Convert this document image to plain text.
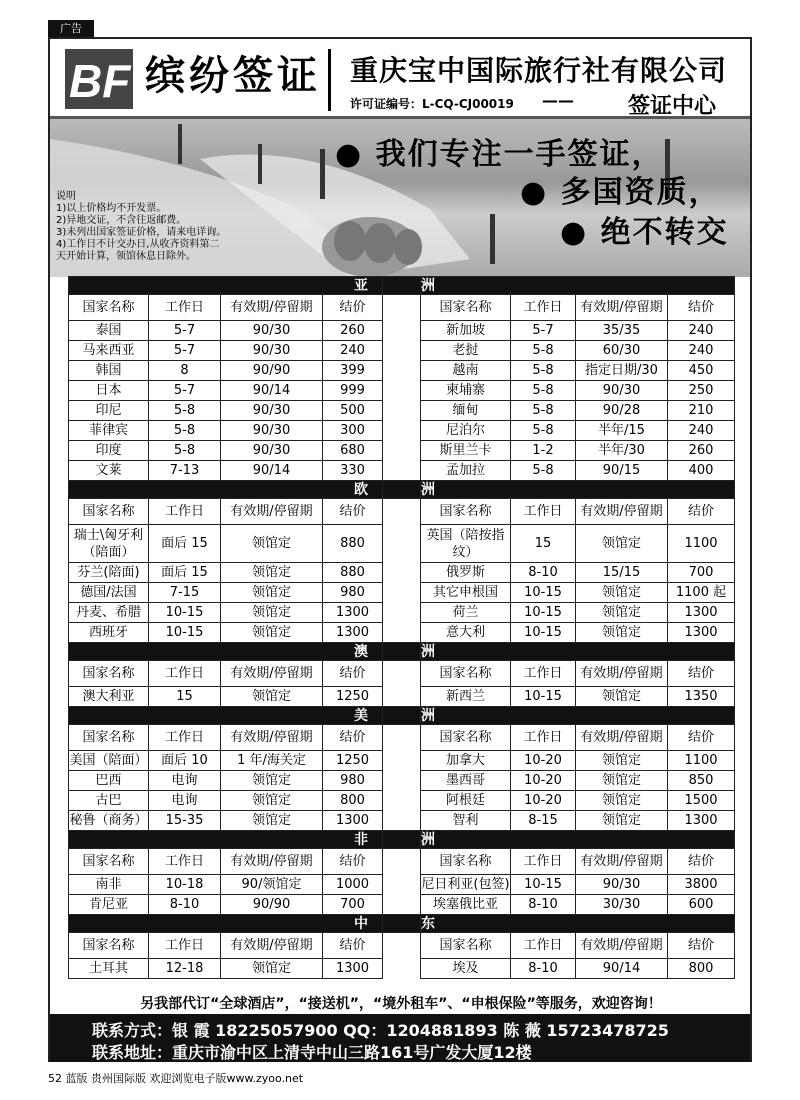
广告
BF 缤纷签证 重庆宝中国际旅行社有限公司
许可证编号：L-CQ-CJ00019 —— 签证中心
● 我们专注一手签证，
● 多国资质，
● 绝不转交
说明
1)以上价格均不开发票。
2)异地交证，不含往返邮费。
3)未列出国家签证价格，请来电详询。
4)工作日不计交办日,从收齐资料第二
天开始计算，领馆休息日除外。
亚					洲			
国家名称	工作日	有效期/停留期	结价		国家名称	工作日	有效期/停留期	结价
泰国	5-7	90/30	260		新加坡	5-7	35/35	240
马来西亚	5-7	90/30	240		老挝	5-8	60/30	240
韩国	8	90/90	399		越南	5-8	指定日期/30	450
日本	5-7	90/14	999		柬埔寨	5-8	90/30	250
印尼	5-8	90/30	500		缅甸	5-8	90/28	210
菲律宾	5-8	90/30	300		尼泊尔	5-8	半年/15	240
印度	5-8	90/30	680		斯里兰卡	1-2	半年/30	260
文莱	7-13	90/14	330		孟加拉	5-8	90/15	400
欧					洲			
国家名称	工作日	有效期/停留期	结价		国家名称	工作日	有效期/停留期	结价
瑞士\匈牙利（陪面）	面后 15	领馆定	880		英国（陪按指纹）	15	领馆定	1100
芬兰(陪面)	面后 15	领馆定	880		俄罗斯	8-10	15/15	700
德国/法国	7-15	领馆定	980		其它申根国	10-15	领馆定	1100 起
丹麦、希腊	10-15	领馆定	1300		荷兰	10-15	领馆定	1300
西班牙	10-15	领馆定	1300		意大利	10-15	领馆定	1300
澳					洲			
国家名称	工作日	有效期/停留期	结价		国家名称	工作日	有效期/停留期	结价
澳大利亚	15	领馆定	1250		新西兰	10-15	领馆定	1350
美					洲			
国家名称	工作日	有效期/停留期	结价		国家名称	工作日	有效期/停留期	结价
美国（陪面）	面后 10	1 年/海关定	1250		加拿大	10-20	领馆定	1100
巴西	电询	领馆定	980		墨西哥	10-20	领馆定	850
古巴	电询	领馆定	800		阿根廷	10-20	领馆定	1500
秘鲁（商务）	15-35	领馆定	1300		智利	8-15	领馆定	1300
非					洲			
国家名称	工作日	有效期/停留期	结价		国家名称	工作日	有效期/停留期	结价
南非	10-18	90/领馆定	1000		尼日利亚(包签)	10-15	90/30	3800
肯尼亚	8-10	90/90	700		埃塞俄比亚	8-10	30/30	600
中					东			
国家名称	工作日	有效期/停留期	结价		国家名称	工作日	有效期/停留期	结价
土耳其	12-18	领馆定	1300		埃及	8-10	90/14	800
另我部代订“全球酒店”，“接送机”，“境外租车”、“申根保险”等服务，欢迎咨询！
联系方式：银 霞 18225057900 QQ：1204881893 陈 薇 15723478725
联系地址：重庆市渝中区上清寺中山三路161号广发大厦12楼
52 蓝版 贵州国际版 欢迎浏览电子版www.zyoo.net
